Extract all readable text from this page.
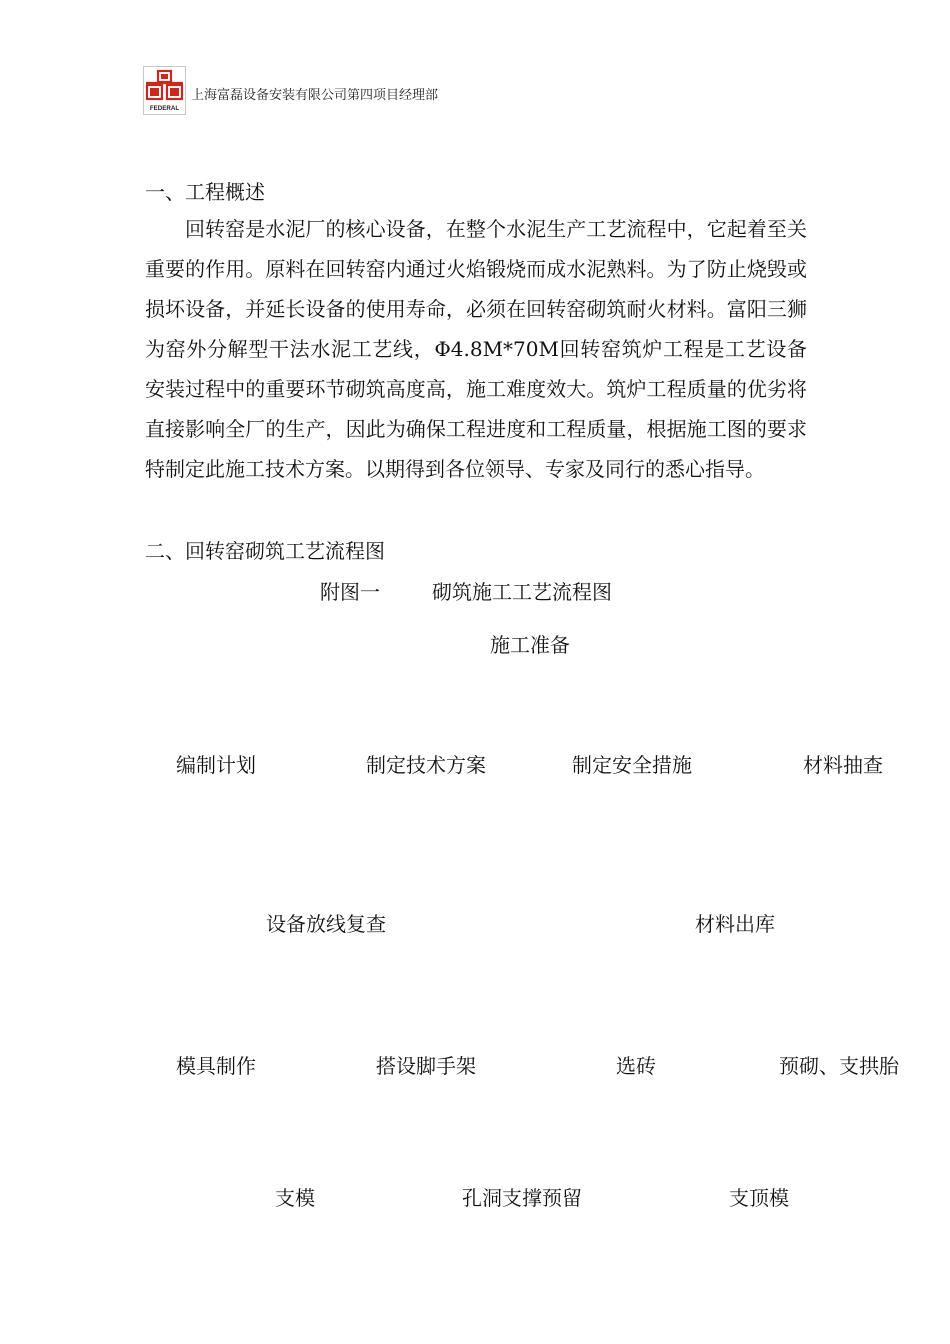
FEDERAL
上海富磊设备安装有限公司第四项目经理部
一、工程概述

回转窑是水泥厂的核心设备，在整个水泥生产工艺流程中，它起着至关重要的作用。原料在回转窑内通过火焰锻烧而成水泥熟料。为了防止烧毁或损坏设备，并延长设备的使用寿命，必须在回转窑砌筑耐火材料。富阳三狮为窑外分解型干法水泥工艺线，Φ4.8M*70M回转窑筑炉工程是工艺设备安装过程中的重要环节砌筑高度高，施工难度效大。筑炉工程质量的优劣将直接影响全厂的生产，因此为确保工程进度和工程质量，根据施工图的要求特制定此施工技术方案。以期得到各位领导、专家及同行的悉心指导。

二、回转窑砌筑工艺流程图
附图一	砌筑施工工艺流程图
施工准备
编制计划	制定技术方案	制定安全措施	材料抽查
设备放线复查	材料出库
模具制作	搭设脚手架	选砖	预砌、支拱胎
支模	孔洞支撑预留	支顶模
